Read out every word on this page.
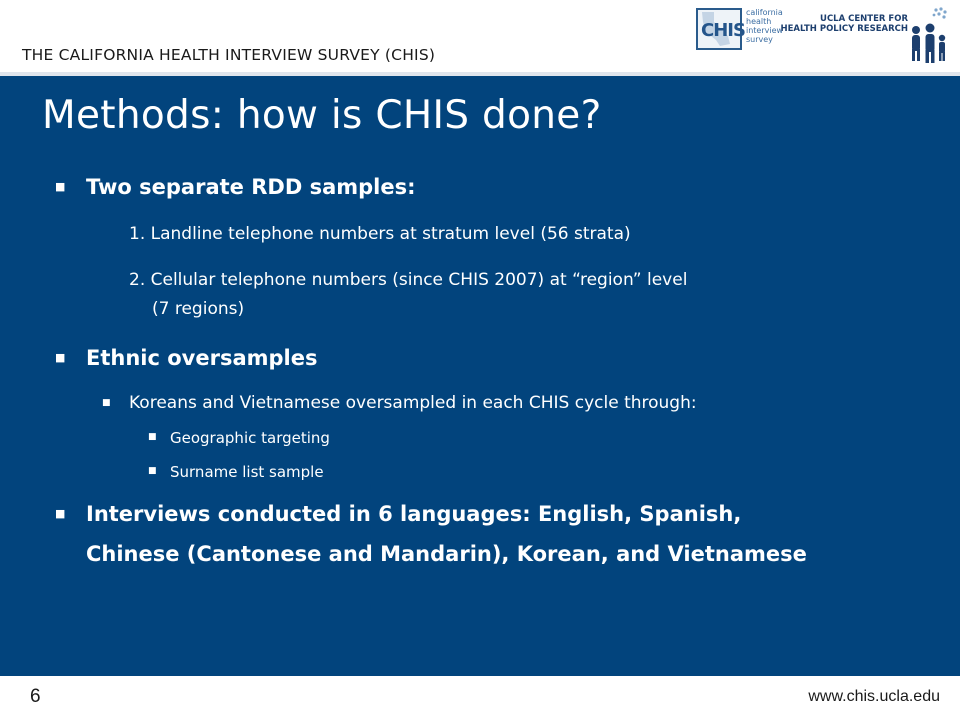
THE CALIFORNIA HEALTH INTERVIEW SURVEY (CHIS)
CHIS
california
health
interview
survey
UCLA CENTER FOR
HEALTH POLICY RESEARCH
Methods: how is CHIS done?
■ Two separate RDD samples:
1. Landline telephone numbers at stratum level (56 strata)
2. Cellular telephone numbers (since CHIS 2007) at “region” level
(7 regions)
■ Ethnic oversamples
■ Koreans and Vietnamese oversampled in each CHIS cycle through:
■ Geographic targeting
■ Surname list sample
■ Interviews conducted in 6 languages: English, Spanish,
Chinese (Cantonese and Mandarin), Korean, and Vietnamese
6	www.chis.ucla.edu
